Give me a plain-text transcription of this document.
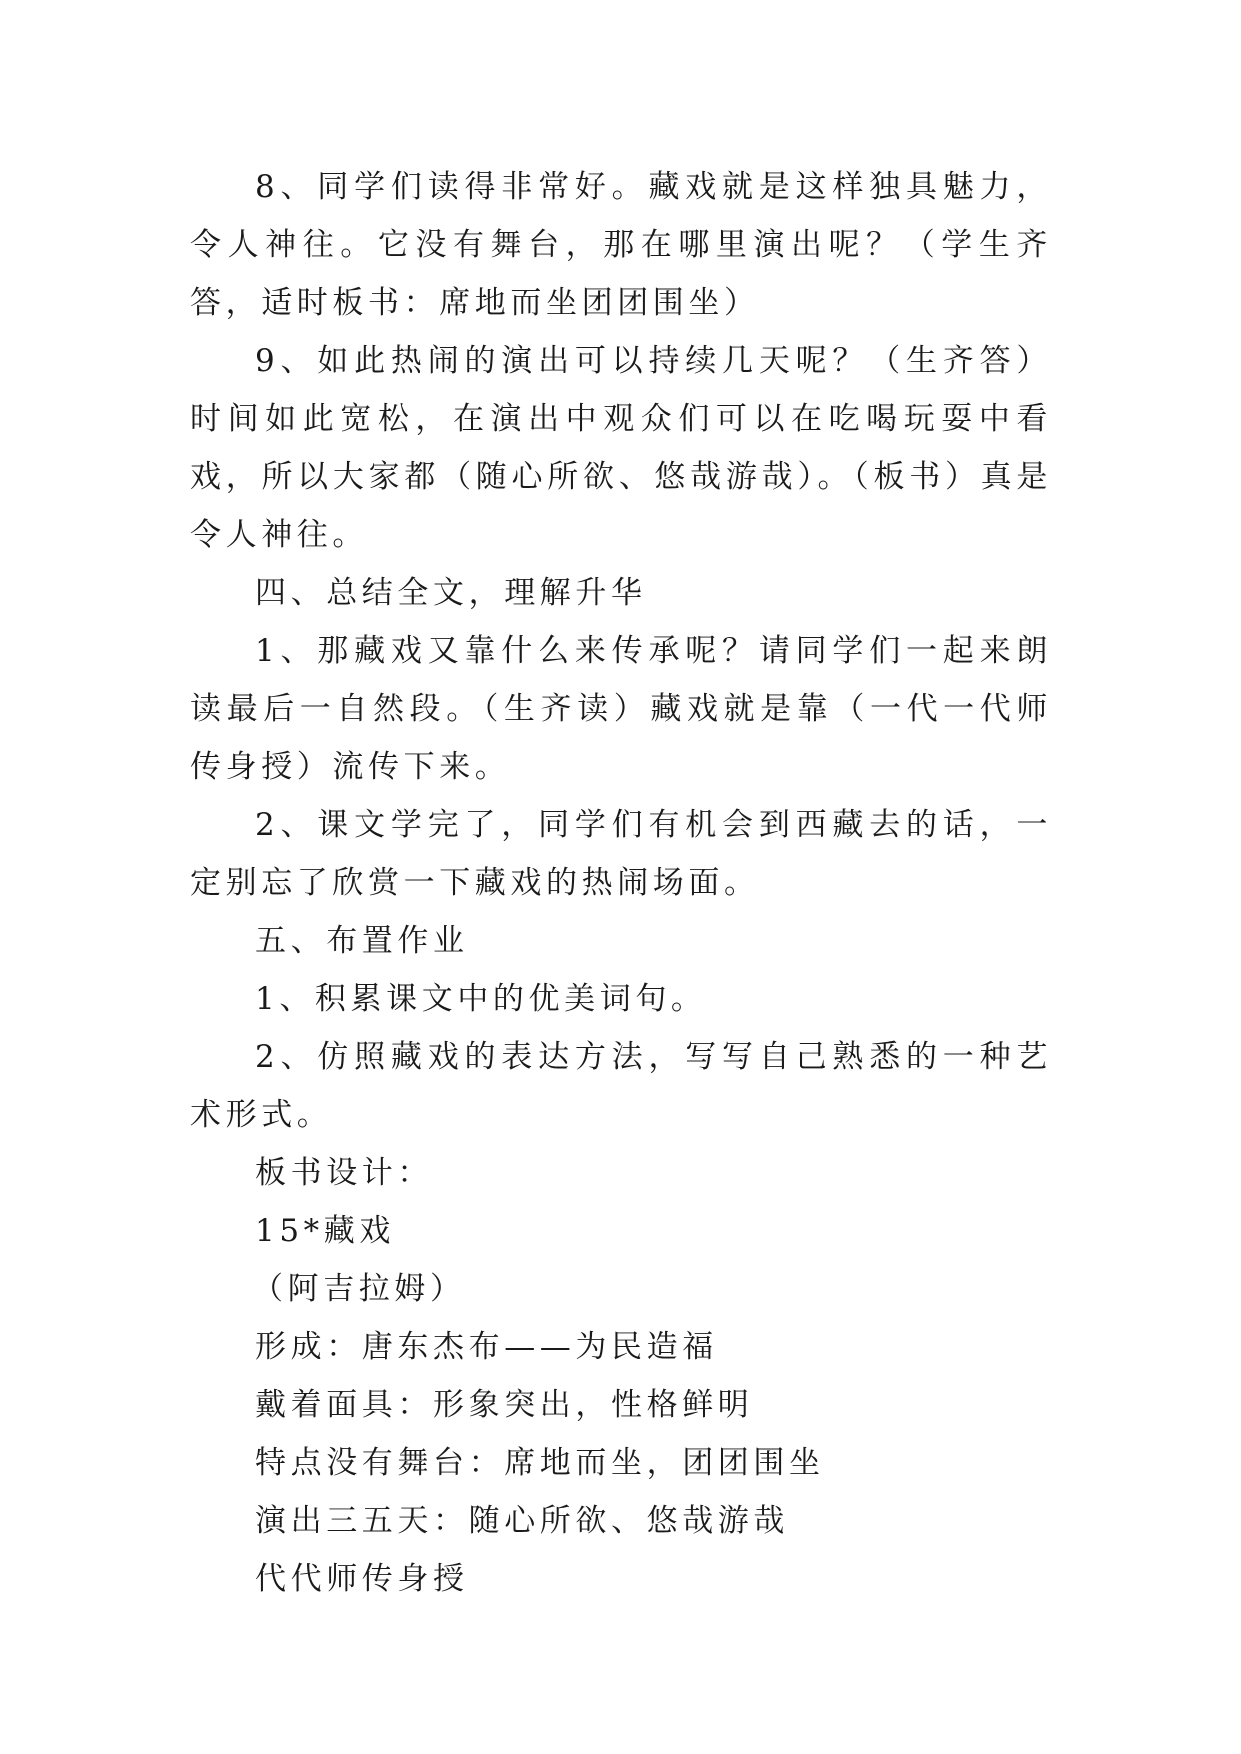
8、同学们读得非常好。藏戏就是这样独具魅力，令人神往。它没有舞台，那在哪里演出呢？（学生齐答，适时板书：席地而坐团团围坐）

9、如此热闹的演出可以持续几天呢？（生齐答）时间如此宽松，在演出中观众们可以在吃喝玩耍中看戏，所以大家都（随心所欲、悠哉游哉）。（板书）真是令人神往。

四、总结全文，理解升华

1、那藏戏又靠什么来传承呢？请同学们一起来朗读最后一自然段。（生齐读）藏戏就是靠（一代一代师传身授）流传下来。

2、课文学完了，同学们有机会到西藏去的话，一定别忘了欣赏一下藏戏的热闹场面。

五、布置作业

1、积累课文中的优美词句。

2、仿照藏戏的表达方法，写写自己熟悉的一种艺术形式。

板书设计：

15*藏戏

（阿吉拉姆）

形成：唐东杰布——为民造福

戴着面具：形象突出，性格鲜明

特点没有舞台：席地而坐，团团围坐

演出三五天：随心所欲、悠哉游哉

代代师传身授
